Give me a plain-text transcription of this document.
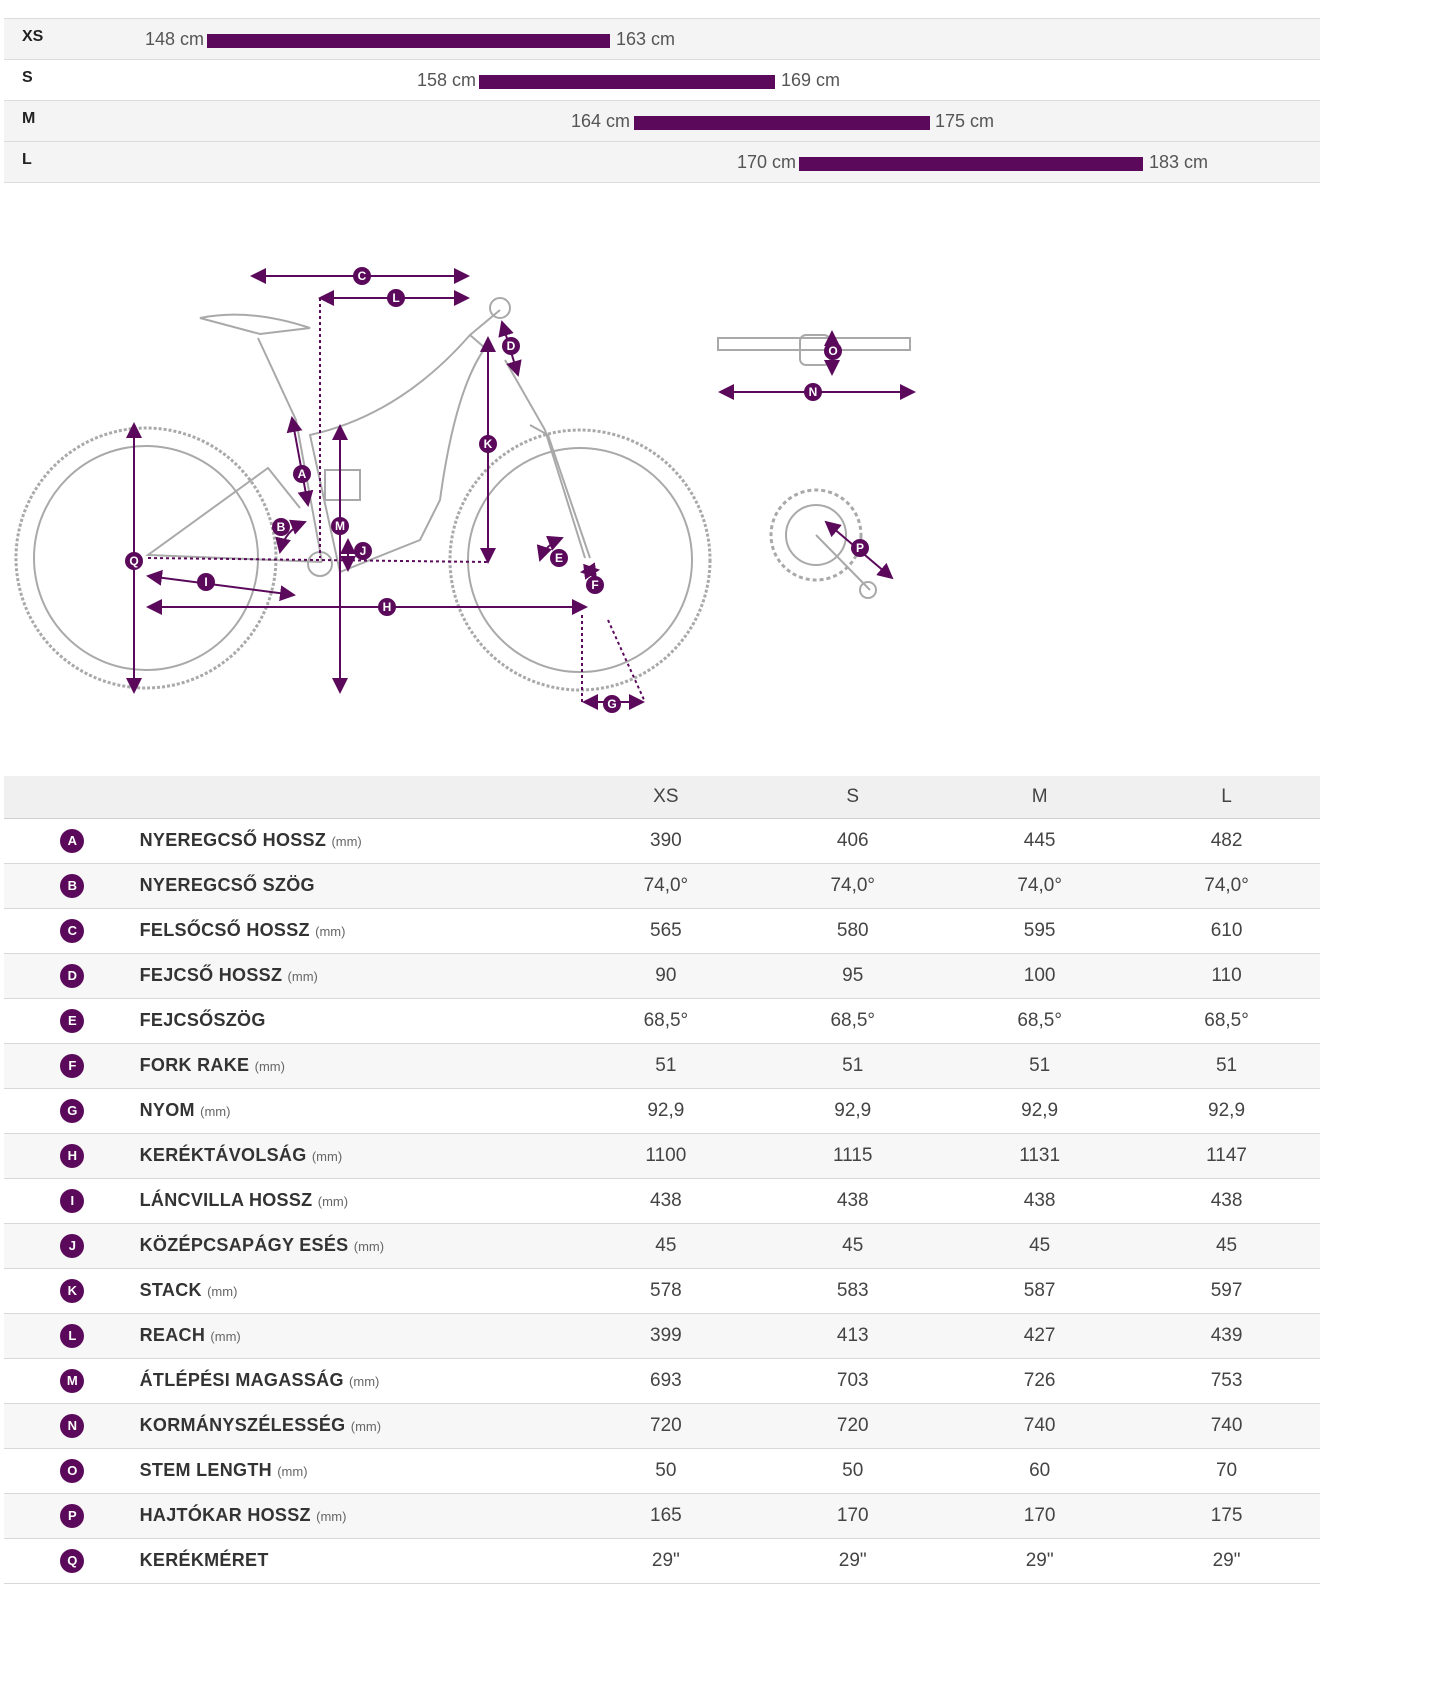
XS	148 cm	163 cm
S	158 cm	169 cm
M	164 cm	175 cm
L	170 cm	183 cm
A
B
C
D
E
F
G
H
I
J
K
L
M
N
O
P
Q
		XS	S	M	L
A	NYEREGCSŐ HOSSZ (mm)	390	406	445	482
B	NYEREGCSŐ SZÖG	74,0°	74,0°	74,0°	74,0°
C	FELSŐCSŐ HOSSZ (mm)	565	580	595	610
D	FEJCSŐ HOSSZ (mm)	90	95	100	110
E	FEJCSŐSZÖG	68,5°	68,5°	68,5°	68,5°
F	FORK RAKE (mm)	51	51	51	51
G	NYOM (mm)	92,9	92,9	92,9	92,9
H	KERÉKTÁVOLSÁG (mm)	1100	1115	1131	1147
I	LÁNCVILLA HOSSZ (mm)	438	438	438	438
J	KÖZÉPCSAPÁGY ESÉS (mm)	45	45	45	45
K	STACK (mm)	578	583	587	597
L	REACH (mm)	399	413	427	439
M	ÁTLÉPÉSI MAGASSÁG (mm)	693	703	726	753
N	KORMÁNYSZÉLESSÉG (mm)	720	720	740	740
O	STEM LENGTH (mm)	50	50	60	70
P	HAJTÓKAR HOSSZ (mm)	165	170	170	175
Q	KERÉKMÉRET	29"	29"	29"	29"
